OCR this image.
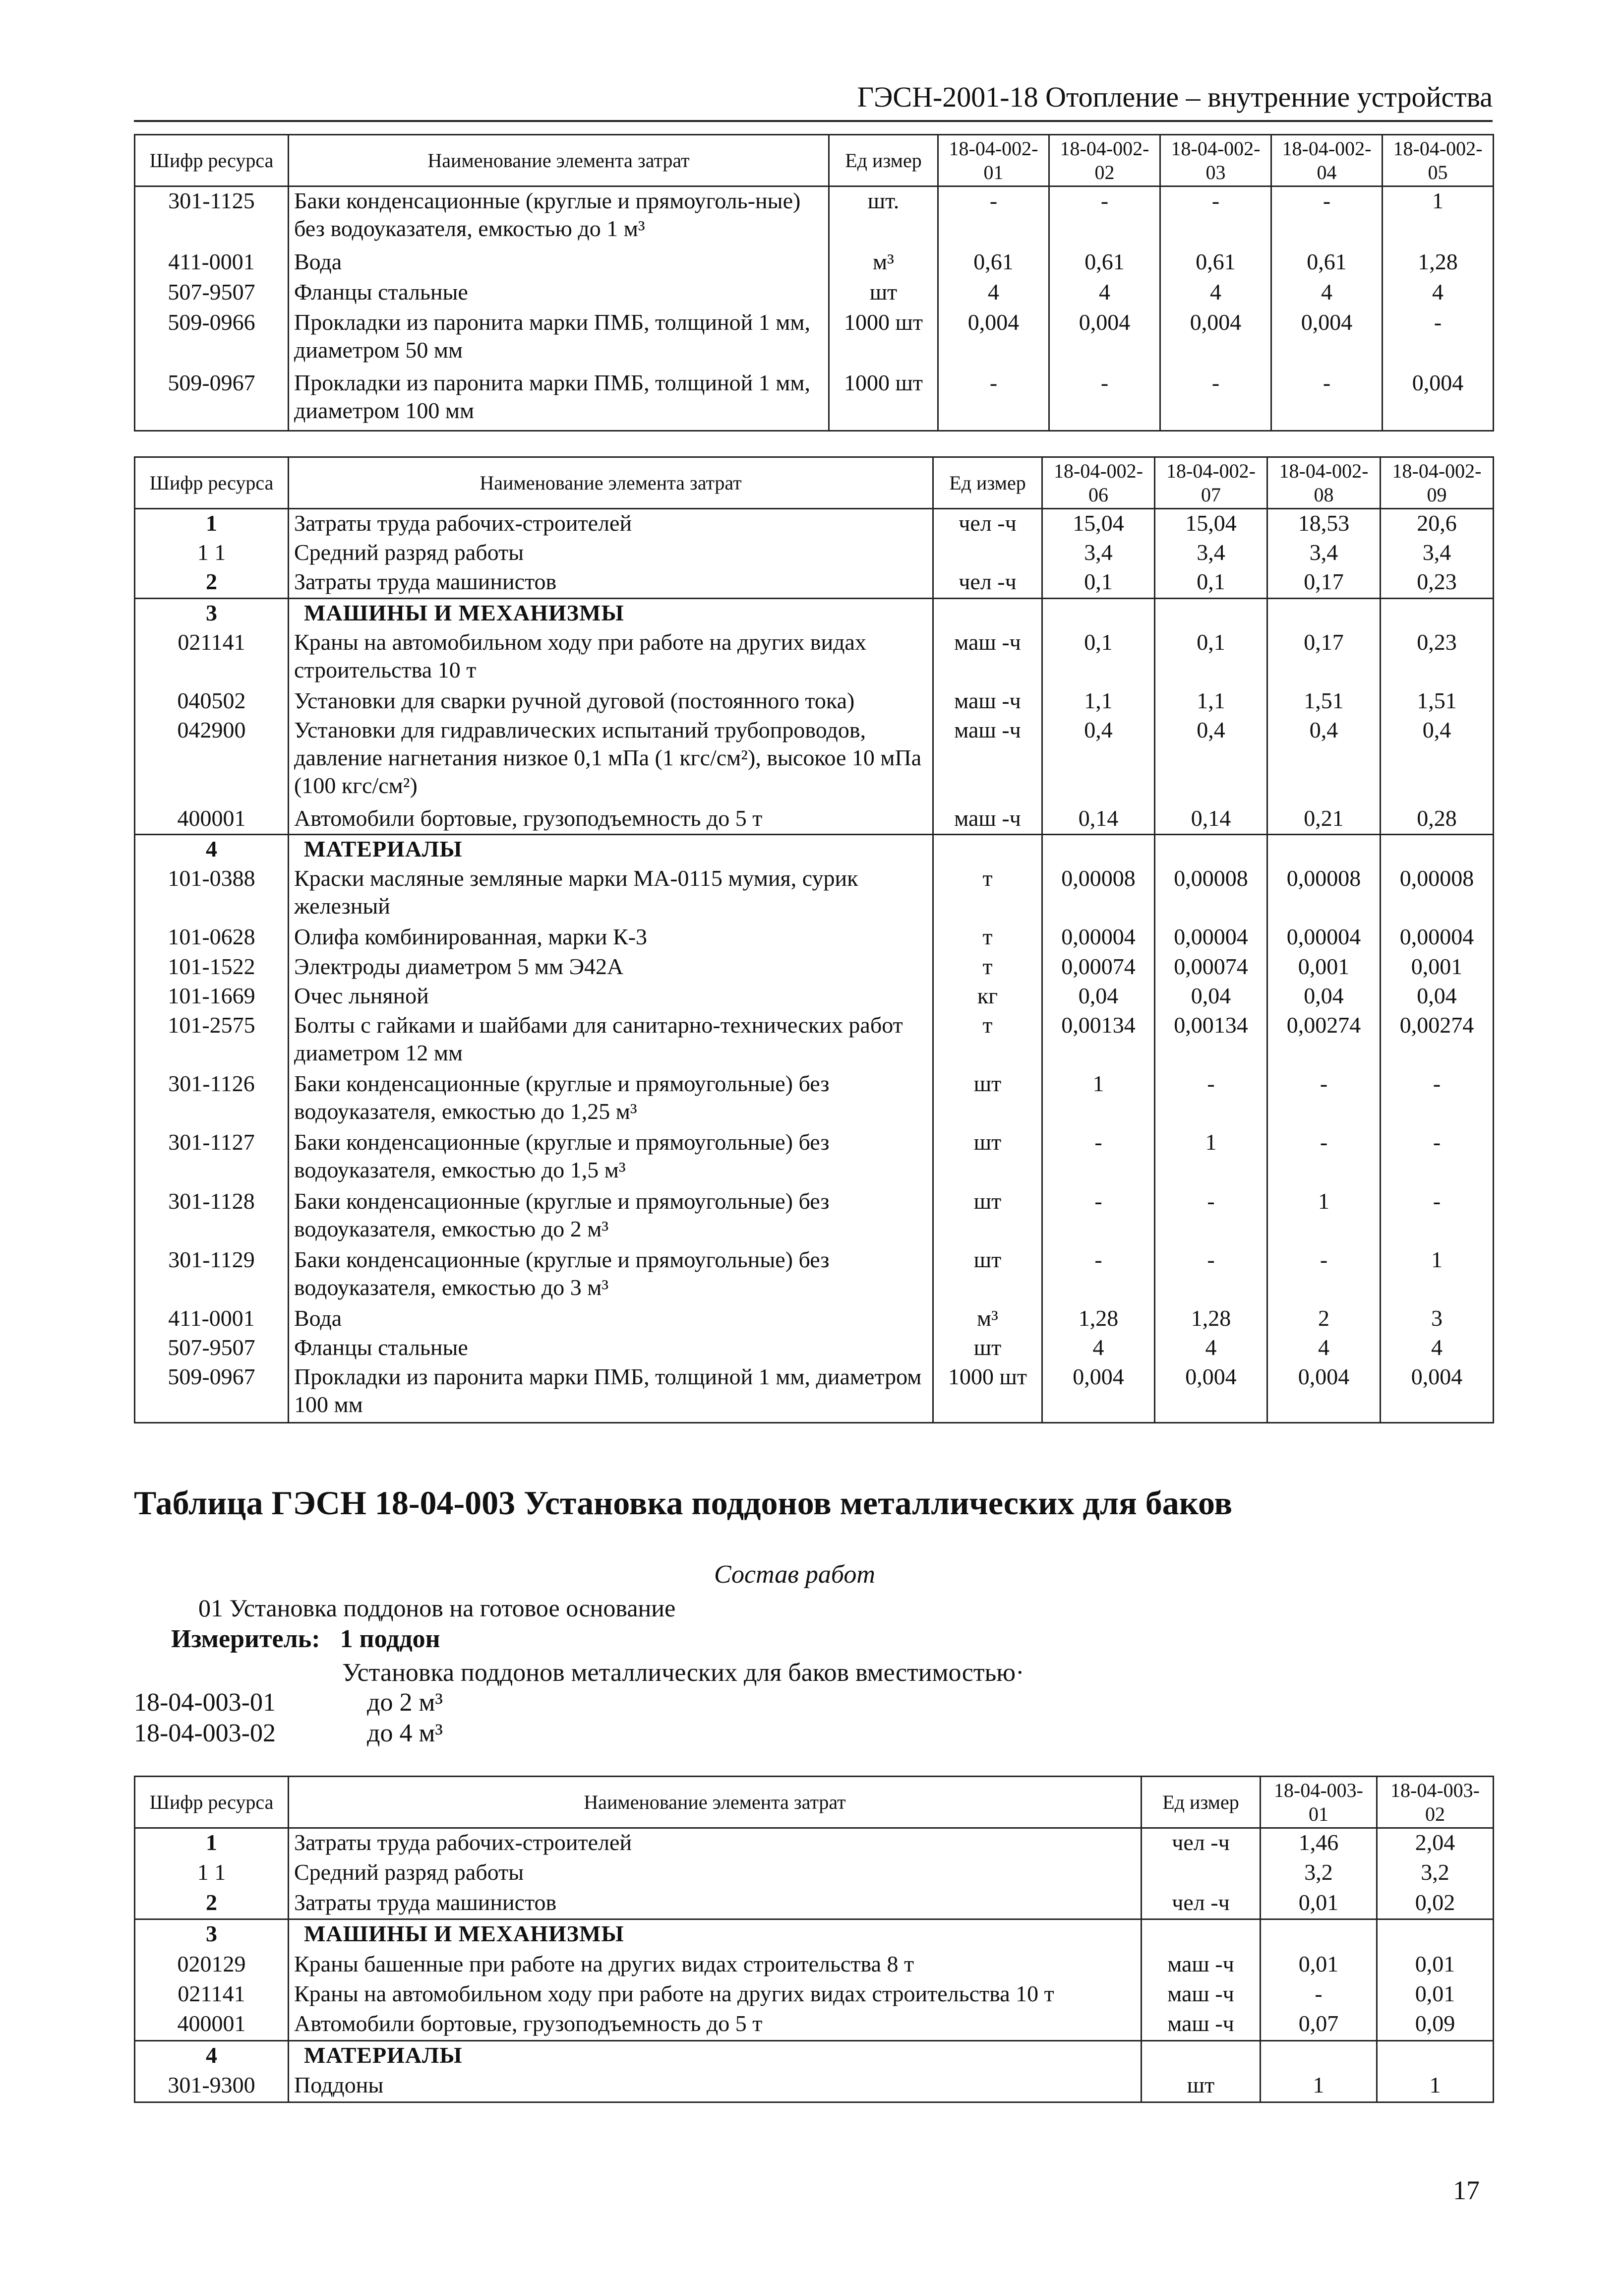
ГЭСН-2001-18 Отопление – внутренние устройства
Шифр ресурса	Наименование элемента затрат	Ед измер	18-04-002-01	18-04-002-02	18-04-002-03	18-04-002-04	18-04-002-05
301-1125	Баки конденсационные (круглые и прямоуголь-ные) без водоуказателя, емкостью до 1 м³	шт.	-	-	-	-	1
411-0001	Вода	м³	0,61	0,61	0,61	0,61	1,28
507-9507	Фланцы стальные	шт	4	4	4	4	4
509-0966	Прокладки из паронита марки ПМБ, толщиной 1 мм, диаметром 50 мм	1000 шт	0,004	0,004	0,004	0,004	-
509-0967	Прокладки из паронита марки ПМБ, толщиной 1 мм, диаметром 100 мм	1000 шт	-	-	-	-	0,004
Шифр ресурса	Наименование элемента затрат	Ед измер	18-04-002-06	18-04-002-07	18-04-002-08	18-04-002-09
1	Затраты труда рабочих-строителей	чел -ч	15,04	15,04	18,53	20,6
1 1	Средний разряд работы		3,4	3,4	3,4	3,4
2	Затраты труда машинистов	чел -ч	0,1	0,1	0,17	0,23
3	МАШИНЫ И МЕХАНИЗМЫ					
021141	Краны на автомобильном ходу при работе на других видах строительства 10 т	маш -ч	0,1	0,1	0,17	0,23
040502	Установки для сварки ручной дуговой (постоянного тока)	маш -ч	1,1	1,1	1,51	1,51
042900	Установки для гидравлических испытаний трубопроводов, давление нагнетания низкое 0,1 мПа (1 кгс/см²), высокое 10 мПа (100 кгс/см²)	маш -ч	0,4	0,4	0,4	0,4
400001	Автомобили бортовые, грузоподъемность до 5 т	маш -ч	0,14	0,14	0,21	0,28
4	МАТЕРИАЛЫ					
101-0388	Краски масляные земляные марки МА-0115 мумия, сурик железный	т	0,00008	0,00008	0,00008	0,00008
101-0628	Олифа комбинированная, марки К-3	т	0,00004	0,00004	0,00004	0,00004
101-1522	Электроды диаметром 5 мм Э42А	т	0,00074	0,00074	0,001	0,001
101-1669	Очес льняной	кг	0,04	0,04	0,04	0,04
101-2575	Болты с гайками и шайбами для санитарно-технических работ диаметром 12 мм	т	0,00134	0,00134	0,00274	0,00274
301-1126	Баки конденсационные (круглые и прямоугольные) без водоуказателя, емкостью до 1,25 м³	шт	1	-	-	-
301-1127	Баки конденсационные (круглые и прямоугольные) без водоуказателя, емкостью до 1,5 м³	шт	-	1	-	-
301-1128	Баки конденсационные (круглые и прямоугольные) без водоуказателя, емкостью до 2 м³	шт	-	-	1	-
301-1129	Баки конденсационные (круглые и прямоугольные) без водоуказателя, емкостью до 3 м³	шт	-	-	-	1
411-0001	Вода	м³	1,28	1,28	2	3
507-9507	Фланцы стальные	шт	4	4	4	4
509-0967	Прокладки из паронита марки ПМБ, толщиной 1 мм, диаметром 100 мм	1000 шт	0,004	0,004	0,004	0,004
Таблица ГЭСН 18-04-003 Установка поддонов металлических для баков
Состав работ
01 Установка поддонов на готовое основание
Измеритель: 1 поддон
Установка поддонов металлических для баков вместимостью·
18-04-003-01	до 2 м³
18-04-003-02	до 4 м³
Шифр ресурса	Наименование элемента затрат	Ед измер	18-04-003-01	18-04-003-02
1	Затраты труда рабочих-строителей	чел -ч	1,46	2,04
1 1	Средний разряд работы		3,2	3,2
2	Затраты труда машинистов	чел -ч	0,01	0,02
3	МАШИНЫ И МЕХАНИЗМЫ			
020129	Краны башенные при работе на других видах строительства 8 т	маш -ч	0,01	0,01
021141	Краны на автомобильном ходу при работе на других видах строительства 10 т	маш -ч	-	0,01
400001	Автомобили бортовые, грузоподъемность до 5 т	маш -ч	0,07	0,09
4	МАТЕРИАЛЫ			
301-9300	Поддоны	шт	1	1
17
